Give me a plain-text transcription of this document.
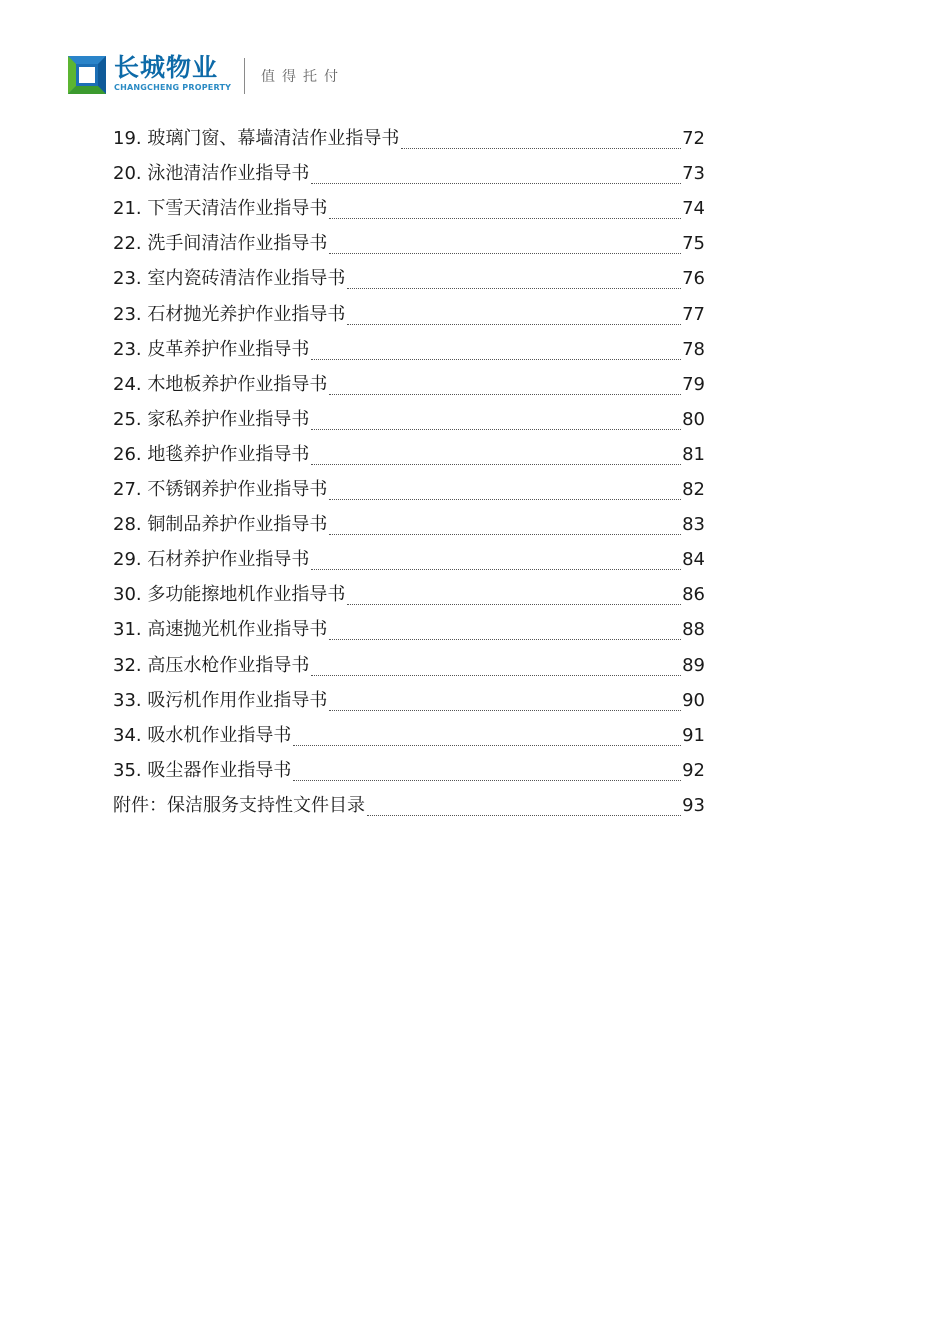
长城物业
CHANGCHENG PROPERTY
值得托付
19. 玻璃门窗、幕墙清洁作业指导书	72
20. 泳池清洁作业指导书	73
21. 下雪天清洁作业指导书	74
22. 洗手间清洁作业指导书	75
23. 室内瓷砖清洁作业指导书	76
23. 石材抛光养护作业指导书	77
23. 皮革养护作业指导书	78
24. 木地板养护作业指导书	79
25. 家私养护作业指导书	80
26. 地毯养护作业指导书	81
27. 不锈钢养护作业指导书	82
28. 铜制品养护作业指导书	83
29. 石材养护作业指导书	84
30. 多功能擦地机作业指导书	86
31. 高速抛光机作业指导书	88
32. 高压水枪作业指导书	89
33. 吸污机作用作业指导书	90
34. 吸水机作业指导书	91
35. 吸尘器作业指导书	92
附件：保洁服务支持性文件目录	93
